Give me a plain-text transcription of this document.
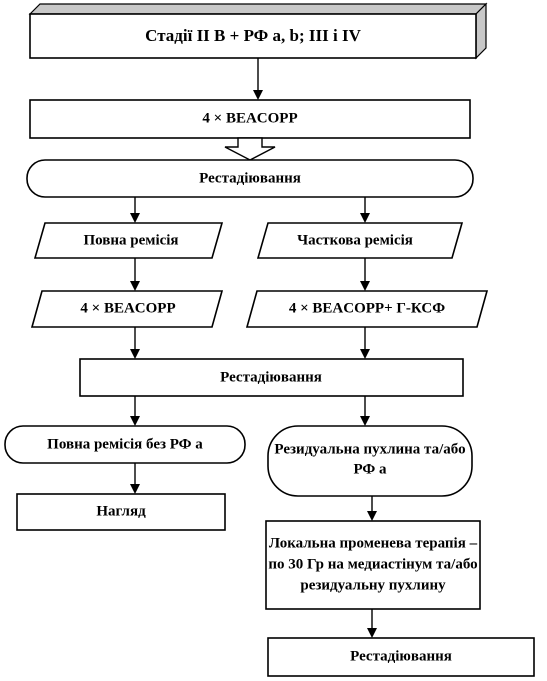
Стадії ІІ В + РФ а, b; ІІІ і ІV
4 × BEACOPP
Рестадіювання
Повна ремісія	Часткова ремісія
4 × BEACOPP	4 × BEACOPP+ Г-КСФ
Рестадіювання
Повна ремісія без РФ а	Резидуальна пухлина та/або
РФ а
Нагляд
Локальна променева терапія –
по 30 Гр на медиастінум та/або
резидуальну пухлину
Рестадіювання
